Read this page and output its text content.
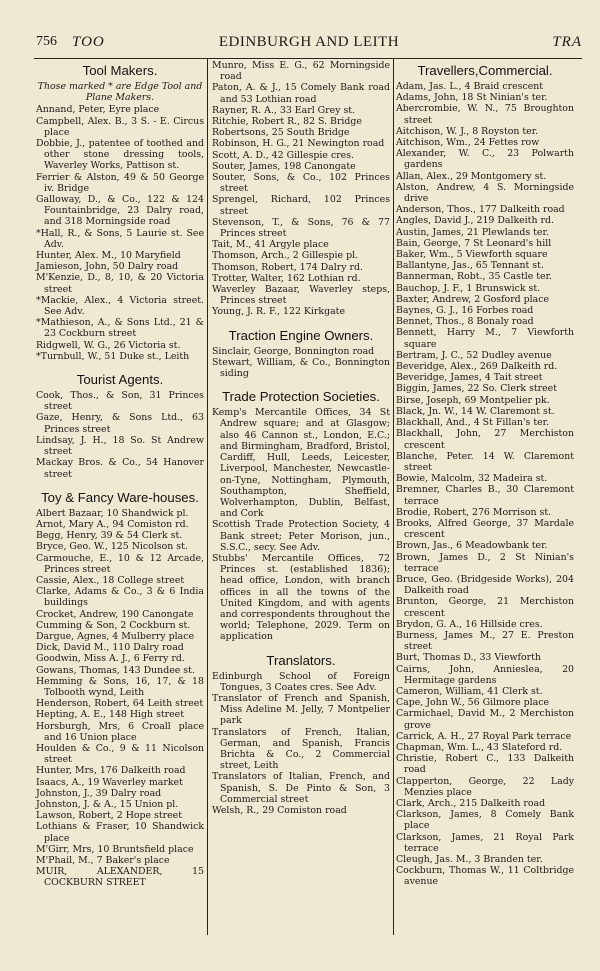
756 TOO	EDINBURGH AND LEITH	TRA
Tool Makers.
Those marked * are Edge Tool and Plane Makers.
Annand, Peter, Eyre place
Campbell, Alex. B., 3 S. - E. Circus place
Dobbie, J., patentee of toothed and other stone dressing tools, Waverley Works, Pattison st.
Ferrier & Alston, 49 & 50 George iv. Bridge
Galloway, D., & Co., 122 & 124 Fountainbridge, 23 Dalry road, and 318 Morningside road
*Hall, R., & Sons, 5 Laurie st. See Adv.
Hunter, Alex. M., 10 Maryfield
Jamieson, John, 50 Dalry road
M'Kenzie, D., 8, 10, & 20 Victoria street
*Mackie, Alex., 4 Victoria street. See Adv.
*Mathieson, A., & Sons Ltd., 21 & 23 Cockburn street
Ridgwell, W. G., 26 Victoria st.
*Turnbull, W., 51 Duke st., Leith
Tourist Agents.
Cook, Thos., & Son, 31 Princes street
Gaze, Henry, & Sons Ltd., 63 Princes street
Lindsay, J. H., 18 So. St Andrew street
Mackay Bros. & Co., 54 Hanover street
Toy & Fancy Ware-houses.
Albert Bazaar, 10 Shandwick pl.
Arnot, Mary A., 94 Comiston rd.
Begg, Henry, 39 & 54 Clerk st.
Bryce, Geo. W., 125 Nicolson st.
Carmouche, E., 10 & 12 Arcade, Princes street
Cassie, Alex., 18 College street
Clarke, Adams & Co., 3 & 6 India buildings
Crocket, Andrew, 190 Canongate
Cumming & Son, 2 Cockburn st.
Dargue, Agnes, 4 Mulberry place
Dick, David M., 110 Dalry road
Goodwin, Miss A. J., 6 Ferry rd.
Gowans, Thomas, 143 Dundee st.
Hemming & Sons, 16, 17, & 18 Tolbooth wynd, Leith
Henderson, Robert, 64 Leith street
Hepting, A. E., 148 High street
Horsburgh, Mrs, 6 Croall place and 16 Union place
Houlden & Co., 9 & 11 Nicolson street
Hunter, Mrs, 176 Dalkeith road
Isaacs, A., 19 Waverley market
Johnston, J., 39 Dalry road
Johnston, J. & A., 15 Union pl.
Lawson, Robert, 2 Hope street
Lothians & Fraser, 10 Shandwick place
M'Girr, Mrs, 10 Bruntsfield place
M'Phail, M., 7 Baker's place
MUIR, ALEXANDER, 15 COCKBURN STREET
Munro, Miss E. G., 62 Morningside road
Paton, A. & J., 15 Comely Bank road and 53 Lothian road
Rayner, R. A., 33 Earl Grey st.
Ritchie, Robert R., 82 S. Bridge
Robertsons, 25 South Bridge
Robinson, H. G., 21 Newington road
Scott, A. D., 42 Gillespie cres.
Souter, James, 198 Canongate
Souter, Sons, & Co., 102 Princes street
Sprengel, Richard, 102 Princes street
Stevenson, T., & Sons, 76 & 77 Princes street
Tait, M., 41 Argyle place
Thomson, Arch., 2 Gillespie pl.
Thomson, Robert, 174 Dalry rd.
Trotter, Walter, 162 Lothian rd.
Waverley Bazaar, Waverley steps, Princes street
Young, J. R. F., 122 Kirkgate
Traction Engine Owners.
Sinclair, George, Bonnington road
Stewart, William, & Co., Bonnington siding
Trade Protection Societies.
Kemp's Mercantile Offices, 34 St Andrew square; and at Glasgow; also 46 Cannon st., London, E.C.; and Birmingham, Bradford, Bristol, Cardiff, Hull, Leeds, Leicester, Liverpool, Manchester, Newcastle-on-Tyne, Nottingham, Plymouth, Southampton, Sheffield, Wolverhampton, Dublin, Belfast, and Cork
Scottish Trade Protection Society, 4 Bank street; Peter Morison, jun., S.S.C., secy. See Adv.
Stubbs' Mercantile Offices, 72 Princes st. (established 1836); head office, London, with branch offices in all the towns of the United Kingdom, and with agents and correspondents throughout the world; Telephone, 2029. Term on application
Translators.
Edinburgh School of Foreign Tongues, 3 Coates cres. See Adv.
Translator of French and Spanish, Miss Adeline M. Jelly, 7 Montpelier park
Translators of French, Italian, German, and Spanish, Francis Brichta & Co., 2 Commercial street, Leith
Translators of Italian, French, and Spanish, S. De Pinto & Son, 3 Commercial street
Welsh, R., 29 Comiston road
Travellers,Commercial.
Adam, Jas. L., 4 Braid crescent
Adams, John, 18 St Ninian's ter.
Abercrombie, W. N., 75 Broughton street
Aitchison, W. J., 8 Royston ter.
Aitchison, Wm., 24 Fettes row
Alexander, W. C., 23 Polwarth gardens
Allan, Alex., 29 Montgomery st.
Alston, Andrew, 4 S. Morningside drive
Anderson, Thos., 177 Dalkeith road
Angles, David J., 219 Dalkeith rd.
Austin, James, 21 Plewlands ter.
Bain, George, 7 St Leonard's hill
Baker, Wm., 5 Viewforth square
Ballantyne, Jas., 65 Tennant st.
Bannerman, Robt., 35 Castle ter.
Bauchop, J. F., 1 Brunswick st.
Baxter, Andrew, 2 Gosford place
Baynes, G. J., 16 Forbes road
Bennet, Thos., 8 Bonaly road
Bennett, Harry M., 7 Viewforth square
Bertram, J. C., 52 Dudley avenue
Beveridge, Alex., 269 Dalkeith rd.
Beveridge, James, 4 Tait street
Biggin, James, 22 So. Clerk street
Birse, Joseph, 69 Montpelier pk.
Black, Jn. W., 14 W. Claremont st.
Blackhall, And., 4 St Fillan's ter.
Blackhall, John, 27 Merchiston crescent
Blanche, Peter. 14 W. Claremont street
Bowie, Malcolm, 32 Madeira st.
Bremner, Charles B., 30 Claremont terrace
Brodie, Robert, 276 Morrison st.
Brooks, Alfred George, 37 Mardale crescent
Brown, Jas., 6 Meadowbank ter.
Brown, James D., 2 St Ninian's terrace
Bruce, Geo. (Bridgeside Works), 204 Dalkeith road
Brunton, George, 21 Merchiston crescent
Brydon, G. A., 16 Hillside cres.
Burness, James M., 27 E. Preston street
Burt, Thomas D., 33 Viewforth
Cairns, John, Annieslea, 20 Hermitage gardens
Cameron, William, 41 Clerk st.
Cape, John W., 56 Gilmore place
Carmichael, David M., 2 Merchiston grove
Carrick, A. H., 27 Royal Park terrace
Chapman, Wm. L., 43 Slateford rd.
Christie, Robert C., 133 Dalkeith road
Clapperton, George, 22 Lady Menzies place
Clark, Arch., 215 Dalkeith road
Clarkson, James, 8 Comely Bank place
Clarkson, James, 21 Royal Park terrace
Cleugh, Jas. M., 3 Branden ter.
Cockburn, Thomas W., 11 Coltbridge avenue
